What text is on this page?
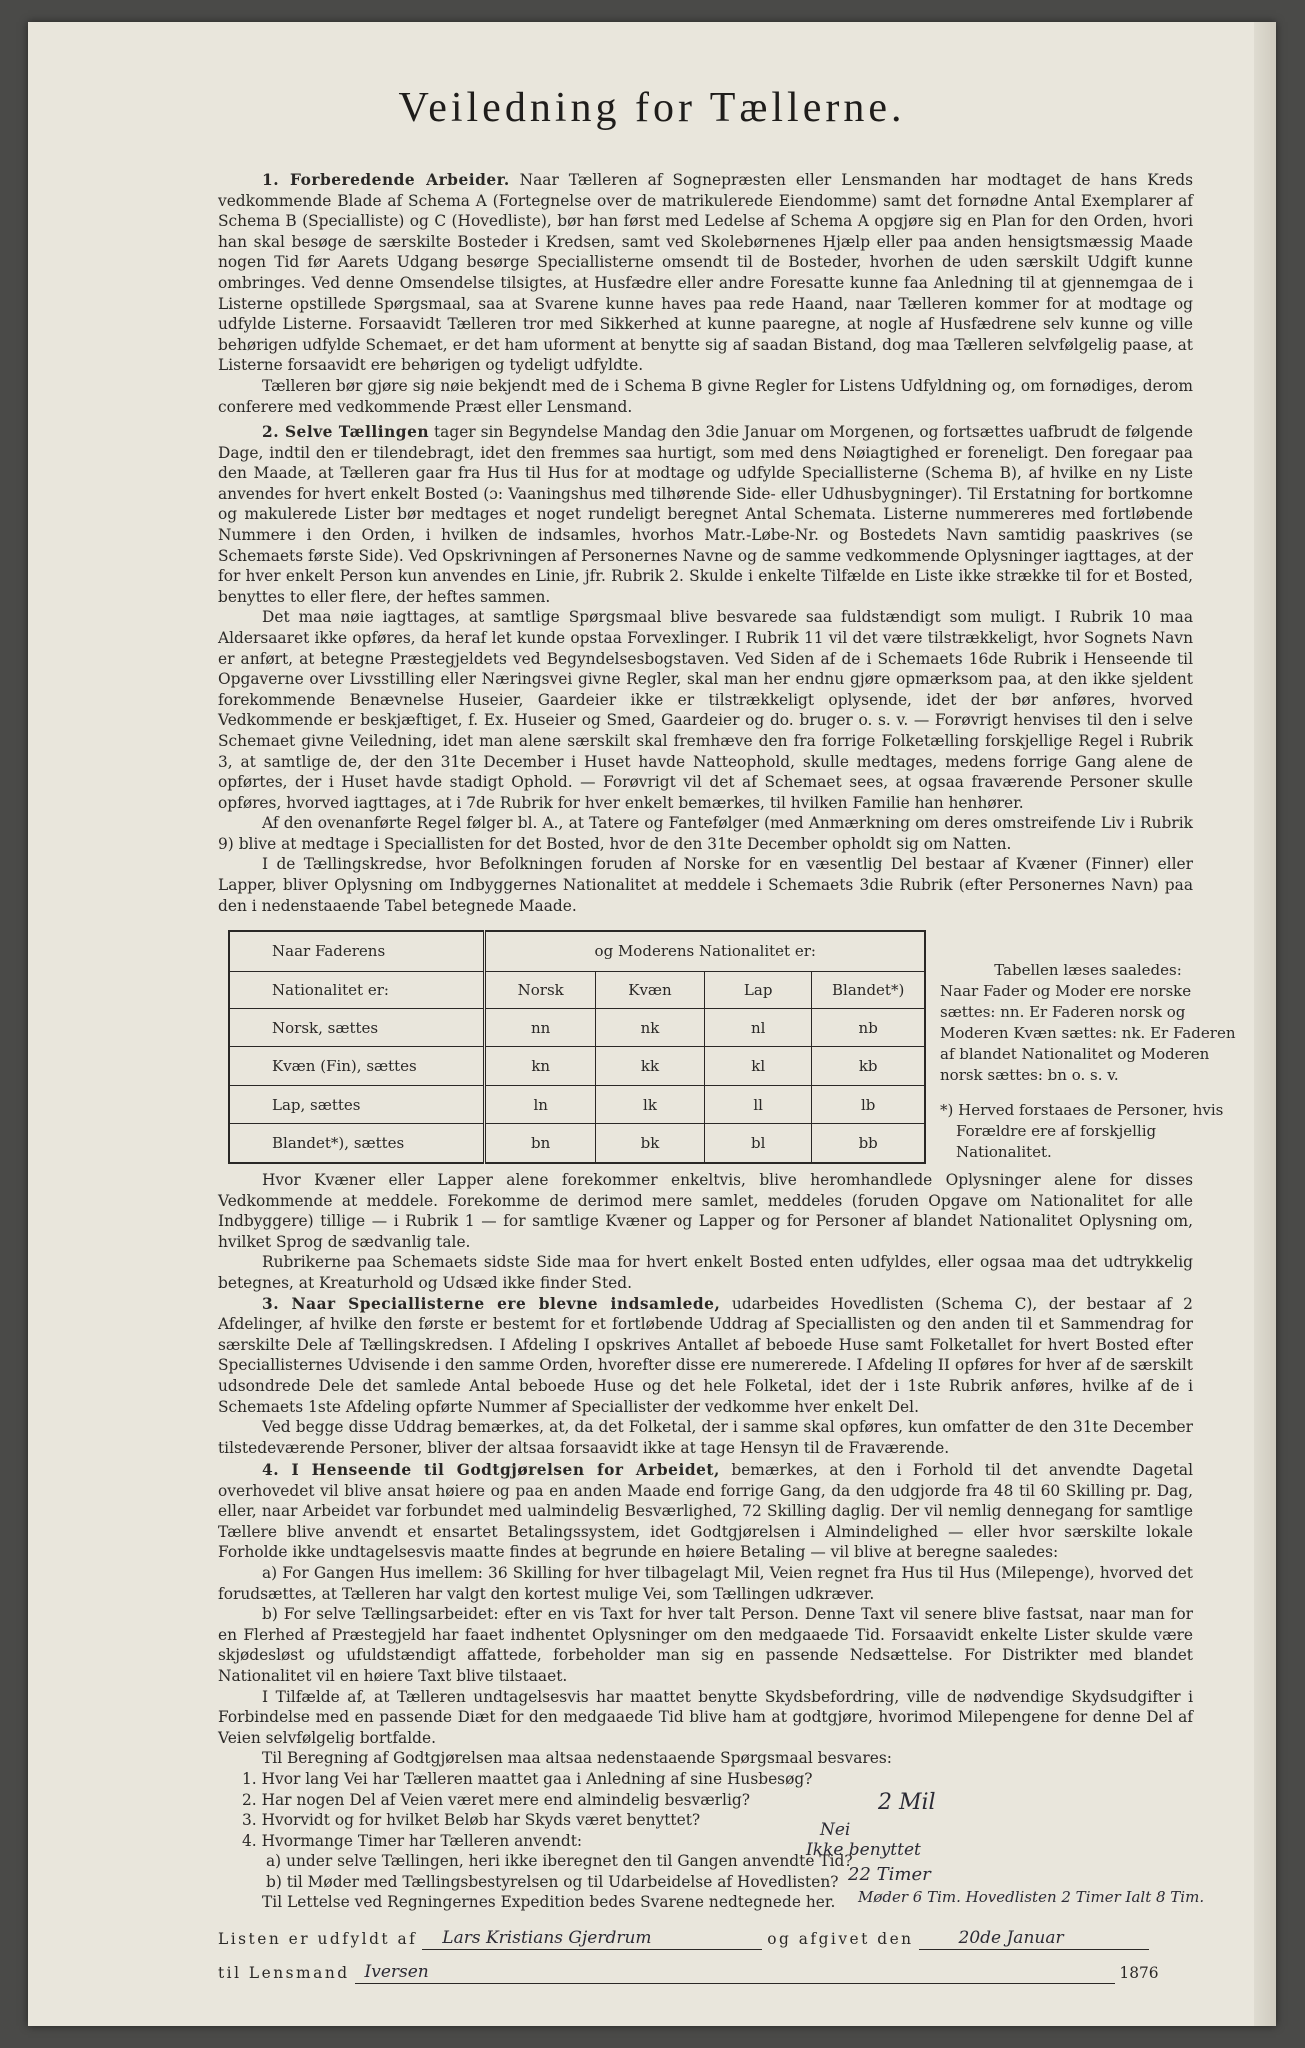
Veiledning for Tællerne.

1. Forberedende Arbeider. Naar Tælleren af Sognepræsten eller Lensmanden har modtaget de hans Kreds vedkommende Blade af Schema A (Fortegnelse over de matrikulerede Eiendomme) samt det fornødne Antal Exemplarer af Schema B (Specialliste) og C (Hovedliste), bør han først med Ledelse af Schema A opgjøre sig en Plan for den Orden, hvori han skal besøge de særskilte Bosteder i Kredsen, samt ved Skolebørnenes Hjælp eller paa anden hensigtsmæssig Maade nogen Tid før Aarets Udgang besørge Speciallisterne omsendt til de Bosteder, hvorhen de uden særskilt Udgift kunne ombringes. Ved denne Omsendelse tilsigtes, at Husfædre eller andre Foresatte kunne faa Anledning til at gjennemgaa de i Listerne opstillede Spørgsmaal, saa at Svarene kunne haves paa rede Haand, naar Tælleren kommer for at modtage og udfylde Listerne. Forsaavidt Tælleren tror med Sikkerhed at kunne paaregne, at nogle af Husfædrene selv kunne og ville behørigen udfylde Schemaet, er det ham uforment at benytte sig af saadan Bistand, dog maa Tælleren selvfølgelig paase, at Listerne forsaavidt ere behørigen og tydeligt udfyldte.

Tælleren bør gjøre sig nøie bekjendt med de i Schema B givne Regler for Listens Udfyldning og, om fornødiges, derom conferere med vedkommende Præst eller Lensmand.

2. Selve Tællingen tager sin Begyndelse Mandag den 3die Januar om Morgenen, og fortsættes uafbrudt de følgende Dage, indtil den er tilendebragt, idet den fremmes saa hurtigt, som med dens Nøiagtighed er foreneligt. Den foregaar paa den Maade, at Tælleren gaar fra Hus til Hus for at modtage og udfylde Speciallisterne (Schema B), af hvilke en ny Liste anvendes for hvert enkelt Bosted (ɔ: Vaaningshus med tilhørende Side- eller Udhusbygninger). Til Erstatning for bortkomne og makulerede Lister bør medtages et noget rundeligt beregnet Antal Schemata. Listerne nummereres med fortløbende Nummere i den Orden, i hvilken de indsamles, hvorhos Matr.-Løbe-Nr. og Bostedets Navn samtidig paaskrives (se Schemaets første Side). Ved Opskrivningen af Personernes Navne og de samme vedkommende Oplysninger iagttages, at der for hver enkelt Person kun anvendes en Linie, jfr. Rubrik 2. Skulde i enkelte Tilfælde en Liste ikke strække til for et Bosted, benyttes to eller flere, der heftes sammen.

Det maa nøie iagttages, at samtlige Spørgsmaal blive besvarede saa fuldstændigt som muligt. I Rubrik 10 maa Aldersaaret ikke opføres, da heraf let kunde opstaa Forvexlinger. I Rubrik 11 vil det være tilstrækkeligt, hvor Sognets Navn er anført, at betegne Præstegjeldets ved Begyndelsesbogstaven. Ved Siden af de i Schemaets 16de Rubrik i Henseende til Opgaverne over Livsstilling eller Næringsvei givne Regler, skal man her endnu gjøre opmærksom paa, at den ikke sjeldent forekommende Benævnelse Huseier, Gaardeier ikke er tilstrækkeligt oplysende, idet der bør anføres, hvorved Vedkommende er beskjæftiget, f. Ex. Huseier og Smed, Gaardeier og do. bruger o. s. v. — Forøvrigt henvises til den i selve Schemaet givne Veiledning, idet man alene særskilt skal fremhæve den fra forrige Folketælling forskjellige Regel i Rubrik 3, at samtlige de, der den 31te December i Huset havde Natteophold, skulle medtages, medens forrige Gang alene de opførtes, der i Huset havde stadigt Ophold. — Forøvrigt vil det af Schemaet sees, at ogsaa fraværende Personer skulle opføres, hvorved iagttages, at i 7de Rubrik for hver enkelt bemærkes, til hvilken Familie han henhører.

Af den ovenanførte Regel følger bl. A., at Tatere og Fantefølger (med Anmærkning om deres omstreifende Liv i Rubrik 9) blive at medtage i Speciallisten for det Bosted, hvor de den 31te December opholdt sig om Natten.

I de Tællingskredse, hvor Befolkningen foruden af Norske for en væsentlig Del bestaar af Kvæner (Finner) eller Lapper, bliver Oplysning om Indbyggernes Nationalitet at meddele i Schemaets 3die Rubrik (efter Personernes Navn) paa den i nedenstaaende Tabel betegnede Maade.

Naar Faderens	og Moderens Nationalitet er:			
Nationalitet er:	Norsk	Kvæn	Lap	Blandet*)
Norsk, sættes	nn	nk	nl	nb
Kvæn (Fin), sættes	kn	kk	kl	kb
Lap, sættes	ln	lk	ll	lb
Blandet*), sættes	bn	bk	bl	bb

Tabellen læses saaledes:

Naar Fader og Moder ere norske sættes: nn. Er Faderen norsk og Moderen Kvæn sættes: nk. Er Faderen af blandet Nationalitet og Moderen norsk sættes: bn o. s. v.

*) Herved forstaaes de Personer, hvis Forældre ere af forskjellig Nationalitet.

Hvor Kvæner eller Lapper alene forekommer enkeltvis, blive heromhandlede Oplysninger alene for disses Vedkommende at meddele. Forekomme de derimod mere samlet, meddeles (foruden Opgave om Nationalitet for alle Indbyggere) tillige — i Rubrik 1 — for samtlige Kvæner og Lapper og for Personer af blandet Nationalitet Oplysning om, hvilket Sprog de sædvanlig tale.

Rubrikerne paa Schemaets sidste Side maa for hvert enkelt Bosted enten udfyldes, eller ogsaa maa det udtrykkelig betegnes, at Kreaturhold og Udsæd ikke finder Sted.

3. Naar Speciallisterne ere blevne indsamlede, udarbeides Hovedlisten (Schema C), der bestaar af 2 Afdelinger, af hvilke den første er bestemt for et fortløbende Uddrag af Speciallisten og den anden til et Sammendrag for særskilte Dele af Tællingskredsen. I Afdeling I opskrives Antallet af beboede Huse samt Folketallet for hvert Bosted efter Speciallisternes Udvisende i den samme Orden, hvorefter disse ere numererede. I Afdeling II opføres for hver af de særskilt udsondrede Dele det samlede Antal beboede Huse og det hele Folketal, idet der i 1ste Rubrik anføres, hvilke af de i Schemaets 1ste Afdeling opførte Nummer af Speciallister der vedkomme hver enkelt Del.

Ved begge disse Uddrag bemærkes, at, da det Folketal, der i samme skal opføres, kun omfatter de den 31te December tilstedeværende Personer, bliver der altsaa forsaavidt ikke at tage Hensyn til de Fraværende.

4. I Henseende til Godtgjørelsen for Arbeidet, bemærkes, at den i Forhold til det anvendte Dagetal overhovedet vil blive ansat høiere og paa en anden Maade end forrige Gang, da den udgjorde fra 48 til 60 Skilling pr. Dag, eller, naar Arbeidet var forbundet med ualmindelig Besværlighed, 72 Skilling daglig. Der vil nemlig dennegang for samtlige Tællere blive anvendt et ensartet Betalingssystem, idet Godtgjørelsen i Almindelighed — eller hvor særskilte lokale Forholde ikke undtagelsesvis maatte findes at begrunde en høiere Betaling — vil blive at beregne saaledes:

a) For Gangen Hus imellem: 36 Skilling for hver tilbagelagt Mil, Veien regnet fra Hus til Hus (Milepenge), hvorved det forudsættes, at Tælleren har valgt den kortest mulige Vei, som Tællingen udkræver.

b) For selve Tællingsarbeidet: efter en vis Taxt for hver talt Person. Denne Taxt vil senere blive fastsat, naar man for en Flerhed af Præstegjeld har faaet indhentet Oplysninger om den medgaaede Tid. Forsaavidt enkelte Lister skulde være skjødesløst og ufuldstændigt affattede, forbeholder man sig en passende Nedsættelse. For Distrikter med blandet Nationalitet vil en høiere Taxt blive tilstaaet.

I Tilfælde af, at Tælleren undtagelsesvis har maattet benytte Skydsbefordring, ville de nødvendige Skydsudgifter i Forbindelse med en passende Diæt for den medgaaede Tid blive ham at godtgjøre, hvorimod Milepengene for denne Del af Veien selvfølgelig bortfalde.

Til Beregning af Godtgjørelsen maa altsaa nedenstaaende Spørgsmaal besvares:

1. Hvor lang Vei har Tælleren maattet gaa i Anledning af sine Husbesøg?

2. Har nogen Del af Veien været mere end almindelig besværlig?

3. Hvorvidt og for hvilket Beløb har Skyds været benyttet?

4. Hvormange Timer har Tælleren anvendt:

a) under selve Tællingen, heri ikke iberegnet den til Gangen anvendte Tid?

b) til Møder med Tællingsbestyrelsen og til Udarbeidelse af Hovedlisten?

Til Lettelse ved Regningernes Expedition bedes Svarene nedtegnede her.

2 Mil
Nei
Ikke benyttet
22 Timer
Møder 6 Tim. Hovedlisten 2 Timer Ialt 8 Tim.
Listen er udfyldt af Lars Kristians Gjerdrum	og afgivet den	20de Januar
til Lensmand Iversen	1876
